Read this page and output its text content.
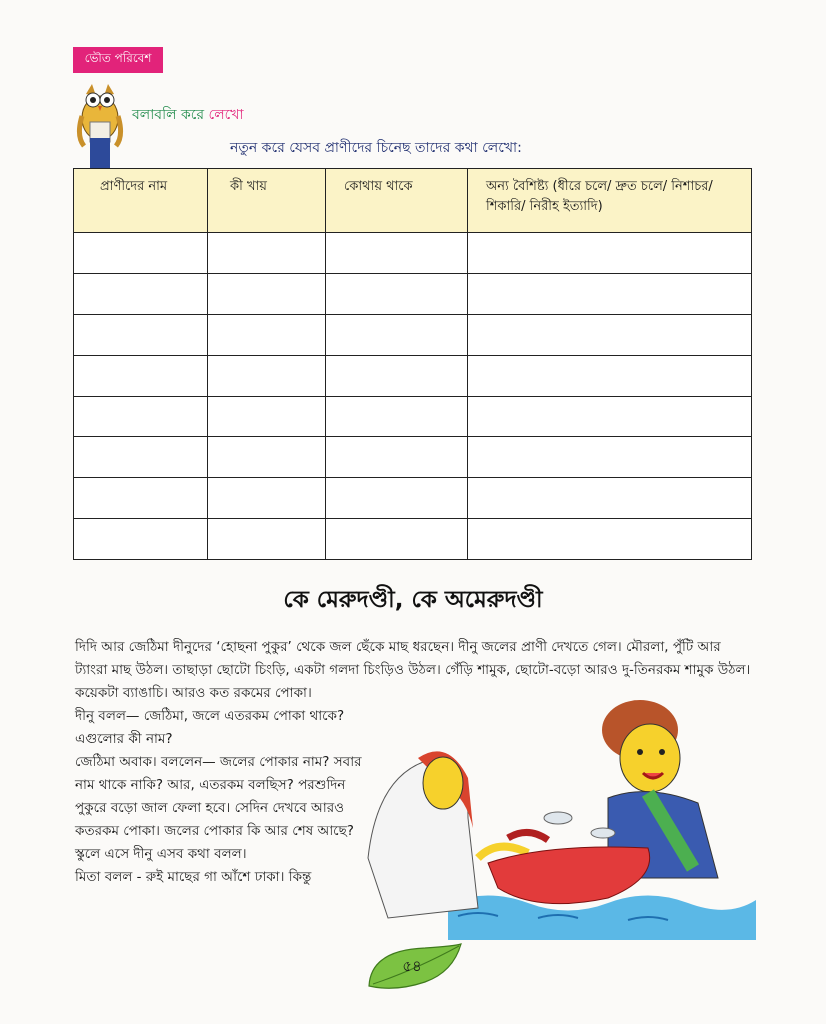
ভৌত পরিবেশ
বলাবলি করে লেখো
নতুন করে যেসব প্রাণীদের চিনেছ তাদের কথা লেখো:
প্রাণীদের নাম	কী খায়	কোথায় থাকে	অন্য বৈশিষ্ট্য (ধীরে চলে/ দ্রুত চলে/ নিশাচর/ শিকারি/ নিরীহ ইত্যাদি)

কে মেরুদণ্ডী, কে অমেরুদণ্ডী

দিদি আর জেঠিমা দীনুদের ‘হোছনা পুকুর’ থেকে জল ছেঁকে মাছ ধরছেন। দীনু জলের প্রাণী দেখতে গেল। মৌরলা, পুঁটি আর ট্যাংরা মাছ উঠল। তাছাড়া ছোটো চিংড়ি, একটা গলদা চিংড়িও উঠল। গেঁড়ি শামুক, ছোটো-বড়ো আরও দু-তিনরকম শামুক উঠল। কয়েকটা ব্যাঙাচি। আরও কত রকমের পোকা।

দীনু বলল— জেঠিমা, জলে এতরকম পোকা থাকে?

এগুলোর কী নাম?

জেঠিমা অবাক। বললেন— জলের পোকার নাম? সবার নাম থাকে নাকি? আর, এতরকম বলছিস? পরশুদিন পুকুরে বড়ো জাল ফেলা হবে। সেদিন দেখবে আরও কতরকম পোকা। জলের পোকার কি আর শেষ আছে?

স্কুলে এসে দীনু এসব কথা বলল।

মিতা বলল - রুই মাছের গা আঁশে ঢাকা। কিন্তু

৫৪
